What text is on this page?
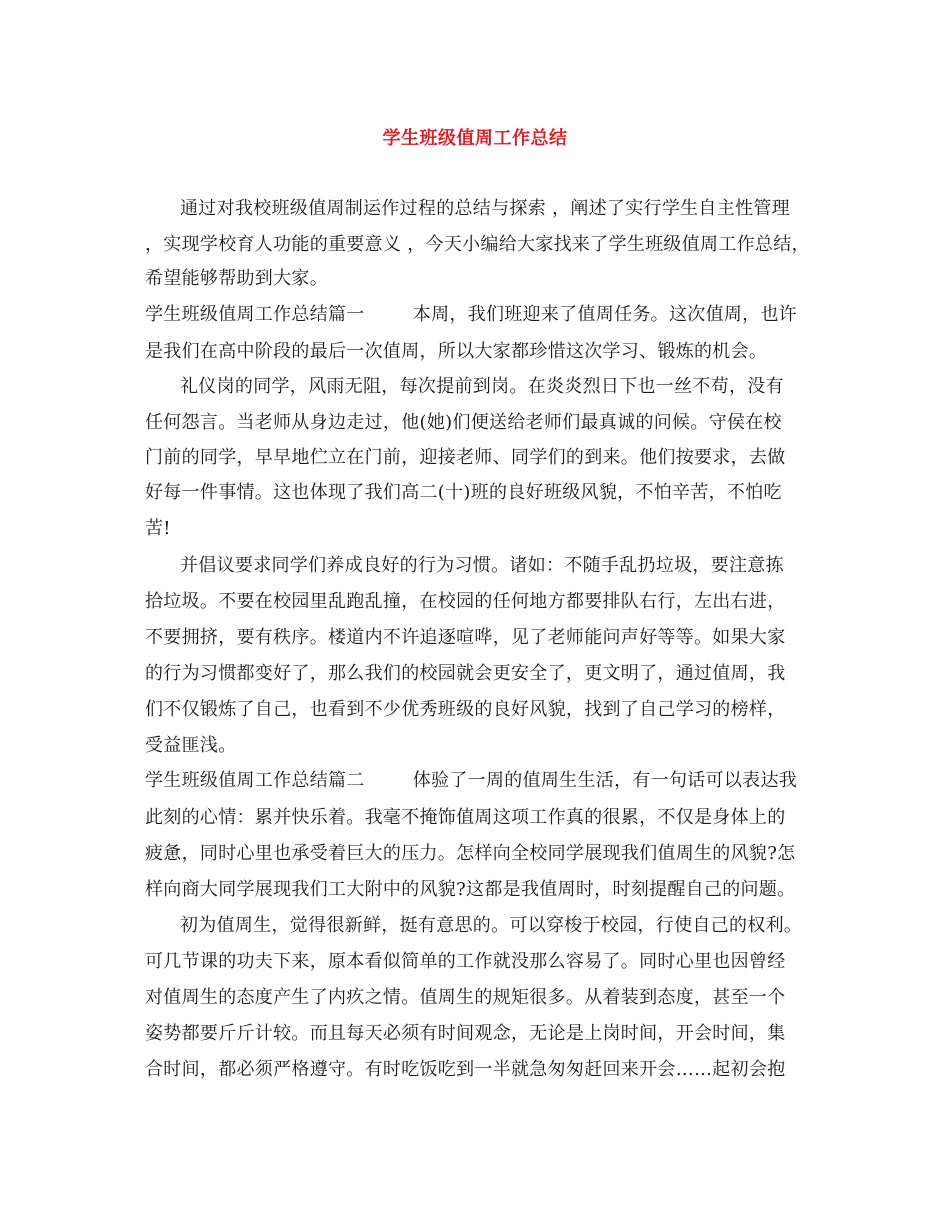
学生班级值周工作总结
通过对我校班级值周制运作过程的总结与探索 ，阐述了实行学生自主性管理
，实现学校育人功能的重要意义 ，今天小编给大家找来了学生班级值周工作总结，
希望能够帮助到大家。
学生班级值周工作总结篇一        本周，我们班迎来了值周任务。这次值周，也许
是我们在高中阶段的最后一次值周，所以大家都珍惜这次学习、锻炼的机会。
礼仪岗的同学，风雨无阻，每次提前到岗。在炎炎烈日下也一丝不苟，没有
任何怨言。当老师从身边走过，他(她)们便送给老师们最真诚的问候。守侯在校
门前的同学，早早地伫立在门前，迎接老师、同学们的到来。他们按要求，去做
好每一件事情。这也体现了我们高二(十)班的良好班级风貌，不怕辛苦，不怕吃
苦!
并倡议要求同学们养成良好的行为习惯。诸如：不随手乱扔垃圾，要注意拣
拾垃圾。不要在校园里乱跑乱撞，在校园的任何地方都要排队右行，左出右进，
不要拥挤，要有秩序。楼道内不许追逐喧哗，见了老师能问声好等等。如果大家
的行为习惯都变好了，那么我们的校园就会更安全了，更文明了，通过值周，我
们不仅锻炼了自己，也看到不少优秀班级的良好风貌，找到了自己学习的榜样，
受益匪浅。
学生班级值周工作总结篇二        体验了一周的值周生生活，有一句话可以表达我
此刻的心情：累并快乐着。我毫不掩饰值周这项工作真的很累，不仅是身体上的
疲惫，同时心里也承受着巨大的压力。怎样向全校同学展现我们值周生的风貌?怎
样向商大同学展现我们工大附中的风貌?这都是我值周时，时刻提醒自己的问题。
初为值周生，觉得很新鲜，挺有意思的。可以穿梭于校园，行使自己的权利。
可几节课的功夫下来，原本看似简单的工作就没那么容易了。同时心里也因曾经
对值周生的态度产生了内疚之情。值周生的规矩很多。从着装到态度，甚至一个
姿势都要斤斤计较。而且每天必须有时间观念，无论是上岗时间，开会时间，集
合时间，都必须严格遵守。有时吃饭吃到一半就急匆匆赶回来开会……起初会抱
